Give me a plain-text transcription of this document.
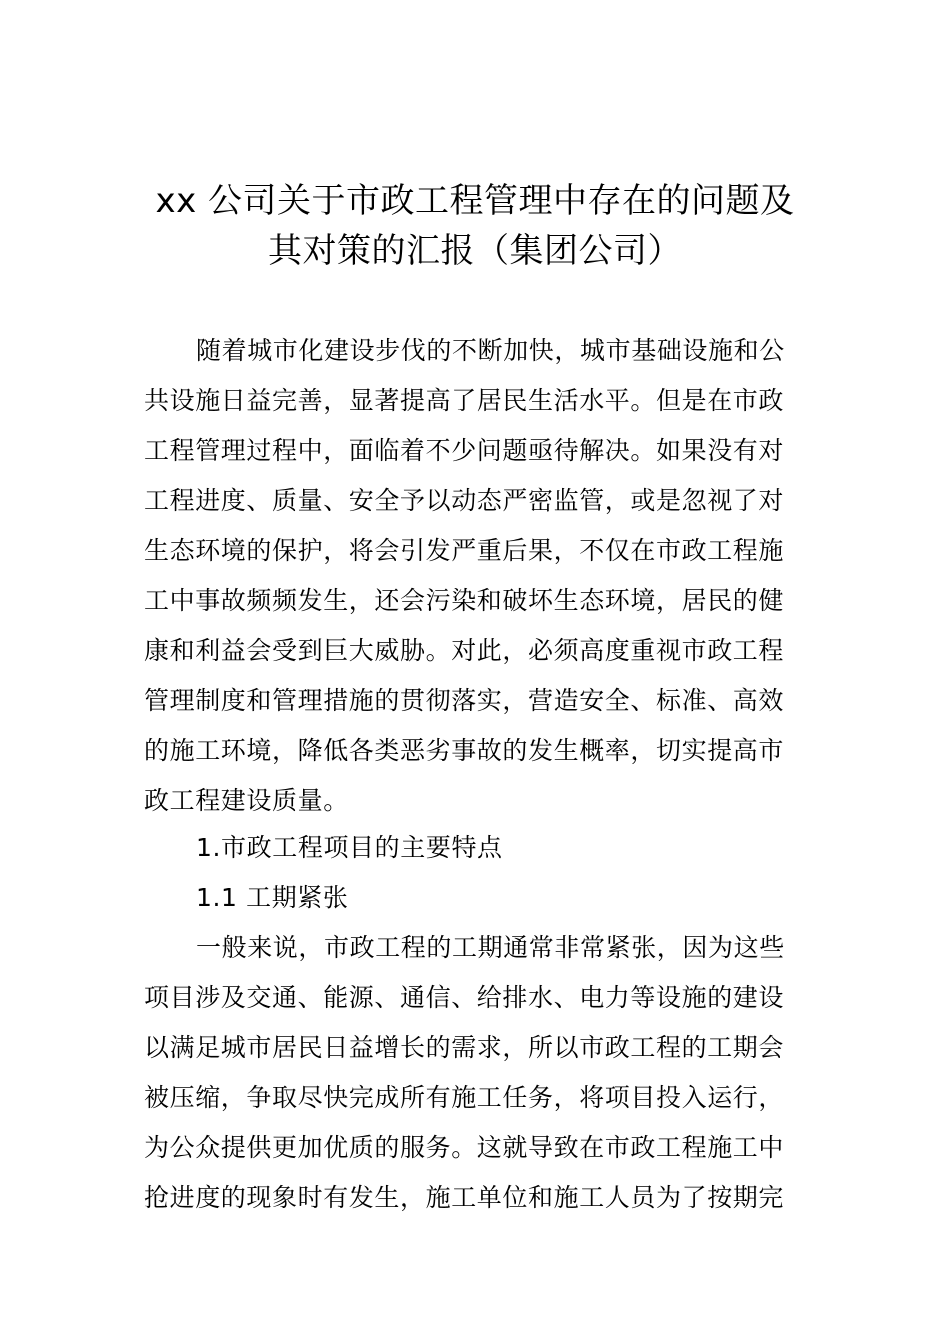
xx 公司关于市政工程管理中存在的问题及
其对策的汇报（集团公司）
随着城市化建设步伐的不断加快，城市基础设施和公
共设施日益完善，显著提高了居民生活水平。但是在市政
工程管理过程中，面临着不少问题亟待解决。如果没有对
工程进度、质量、安全予以动态严密监管，或是忽视了对
生态环境的保护，将会引发严重后果，不仅在市政工程施
工中事故频频发生，还会污染和破坏生态环境，居民的健
康和利益会受到巨大威胁。对此，必须高度重视市政工程
管理制度和管理措施的贯彻落实，营造安全、标准、高效
的施工环境，降低各类恶劣事故的发生概率，切实提高市
政工程建设质量。
1.市政工程项目的主要特点
1.1 工期紧张
一般来说，市政工程的工期通常非常紧张，因为这些
项目涉及交通、能源、通信、给排水、电力等设施的建设
以满足城市居民日益增长的需求，所以市政工程的工期会
被压缩，争取尽快完成所有施工任务，将项目投入运行，
为公众提供更加优质的服务。这就导致在市政工程施工中
抢进度的现象时有发生，施工单位和施工人员为了按期完
